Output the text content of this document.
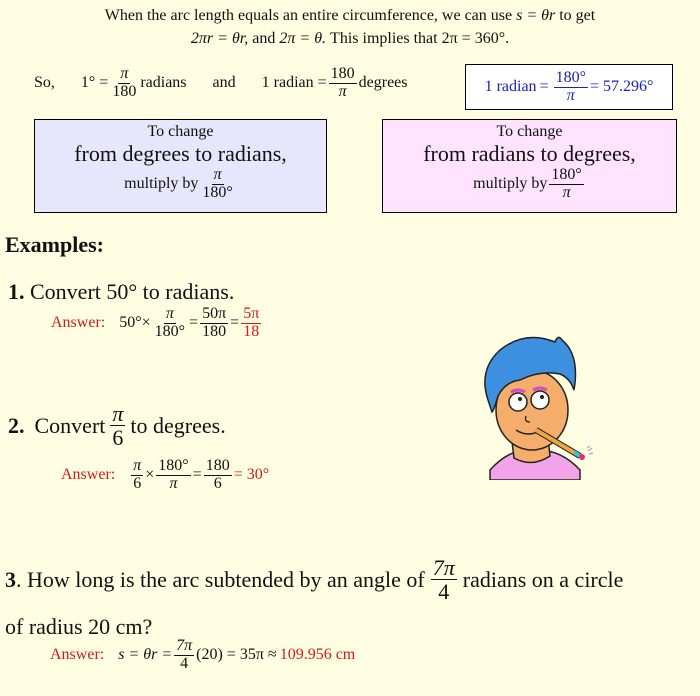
When the arc length equals an entire circumference, we can use s = θr to get
2πr = θr, and 2π = θ. This implies that 2π = 360°.
So, $1^\circ = \frac{\pi}{180}$ radians and 1 radian = $\frac{180}{\pi}$ degrees	1 radian = $\frac{180^\circ}{\pi} = 57.296^\circ$
To change
from degrees to radians,
multiply by $\frac{\pi}{180^\circ}$
To change
from radians to degrees,
multiply by $\frac{180^\circ}{\pi}$
Examples:
1. Convert 50° to radians.
Answer: $50^\circ\times \frac{\pi}{180^\circ} = \frac{50\pi}{180} = \frac{5\pi}{18}$
2. Convert $\frac{\pi}{6}$ to degrees.
Answer: $\frac{\pi}{6} \times \frac{180^\circ}{\pi} = \frac{180}{6} = 30^\circ$
3 . How long is the arc subtended by an angle of $\frac{7\pi}{4}$ radians on a circle
of radius 20 cm?
Answer: $s = \theta r = \frac{7\pi}{4} (20) = 35\pi \approx 109.956$ cm
